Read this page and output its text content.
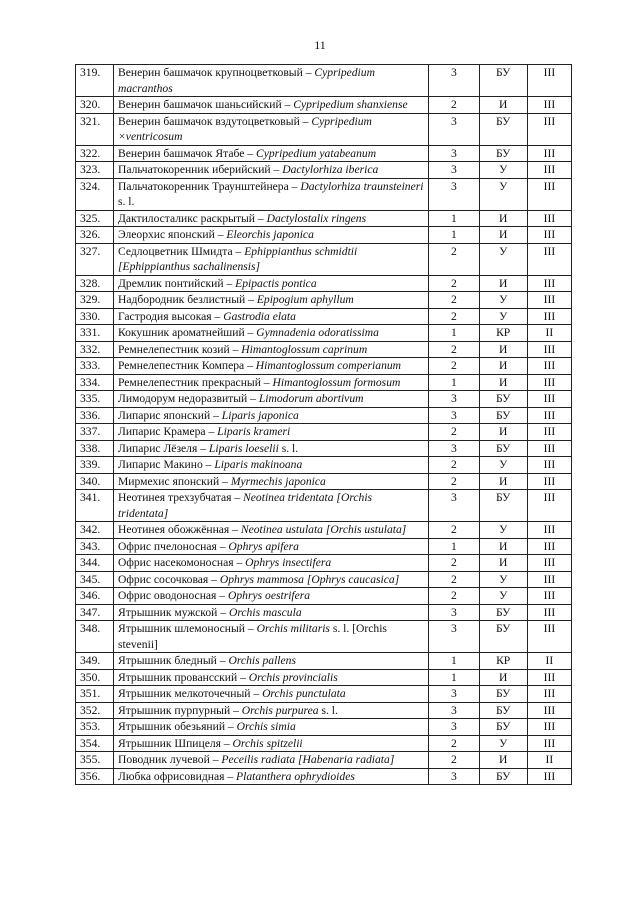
11
319.	Венерин башмачок крупноцветковый – Cypripedium macranthos	3	БУ	III
320.	Венерин башмачок шаньсийский – Cypripedium shanxiense	2	И	III
321.	Венерин башмачок вздутоцветковый – Cypripedium ×ventricosum	3	БУ	III
322.	Венерин башмачок Ятабе – Cypripedium yatabeanum	3	БУ	III
323.	Пальчатокоренник иберийский – Dactylorhiza iberica	3	У	III
324.	Пальчатокоренник Траунштейнера – Dactylorhiza traunsteineri s. l.	3	У	III
325.	Дактилосталикс раскрытый – Dactylostalix ringens	1	И	III
326.	Элеорхис японский – Eleorchis japonica	1	И	III
327.	Седлоцветник Шмидта – Ephippianthus schmidtii [Ephippianthus sachalinensis]	2	У	III
328.	Дремлик понтийский – Epipactis pontica	2	И	III
329.	Надбородник безлистный – Epipogium aphyllum	2	У	III
330.	Гастродия высокая – Gastrodia elata	2	У	III
331.	Кокушник ароматнейший – Gymnadenia odoratissima	1	КР	II
332.	Ремнелепестник козий – Himantoglossum caprinum	2	И	III
333.	Ремнелепестник Компера – Himantoglossum comperianum	2	И	III
334.	Ремнелепестник прекрасный – Himantoglossum formosum	1	И	III
335.	Лимодорум недоразвитый – Limodorum abortivum	3	БУ	III
336.	Липарис японский – Liparis japonica	3	БУ	III
337.	Липарис Крамера – Liparis krameri	2	И	III
338.	Липарис Лёзеля – Liparis loeselii s. l.	3	БУ	III
339.	Липарис Макино – Liparis makinoana	2	У	III
340.	Мирмехис японский – Myrmechis japonica	2	И	III
341.	Неотинея трехзубчатая – Neotinea tridentata [Orchis tridentata]	3	БУ	III
342.	Неотинея обожжённая – Neotinea ustulata [Orchis ustulata]	2	У	III
343.	Офрис пчелоносная – Ophrys apifera	1	И	III
344.	Офрис насекомоносная – Ophrys insectifera	2	И	III
345.	Офрис сосочковая – Ophrys mammosa [Ophrys caucasica]	2	У	III
346.	Офрис оводоносная – Ophrys oestrifera	2	У	III
347.	Ятрышник мужской – Orchis mascula	3	БУ	III
348.	Ятрышник шлемоносный – Orchis militaris s. l. [Orchis stevenii]	3	БУ	III
349.	Ятрышник бледный – Orchis pallens	1	КР	II
350.	Ятрышник провансский – Orchis provincialis	1	И	III
351.	Ятрышник мелкоточечный – Orchis punctulata	3	БУ	III
352.	Ятрышник пурпурный – Orchis purpurea s. l.	3	БУ	III
353.	Ятрышник обезьяний – Orchis simia	3	БУ	III
354.	Ятрышник Шпицеля – Orchis spitzelii	2	У	III
355.	Поводник лучевой – Peceilis radiata [Habenaria radiata]	2	И	II
356.	Любка офрисовидная – Platanthera ophrydioides	3	БУ	III
